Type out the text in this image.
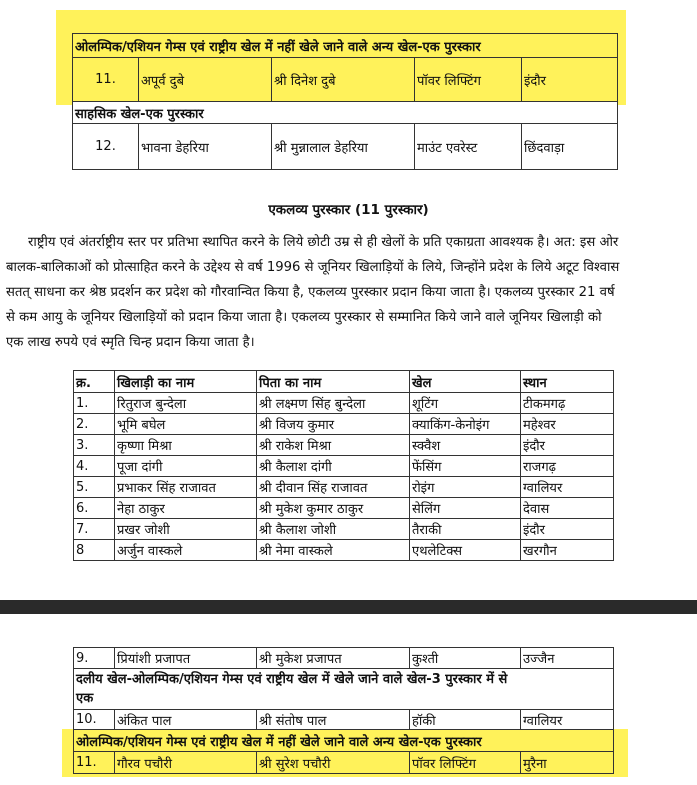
ओलम्पिक/एशियन गेम्स एवं राष्ट्रीय खेल में नहीं खेले जाने वाले अन्य खेल-एक पुरस्कार				
11.	अपूर्व दुबे	श्री दिनेश दुबे	पॉवर लिफ्टिंग	इंदौर
साहसिक खेल-एक पुरस्कार				
12.	भावना डेहरिया	श्री मुन्नालाल डेहरिया	माउंट एवरेस्ट	छिंदवाड़ा
एकलव्य पुरस्कार (11 पुरस्कार)
राष्ट्रीय एवं अंतर्राष्ट्रीय स्तर पर प्रतिभा स्थापित करने के लिये छोटी उम्र से ही खेलों के प्रति एकाग्रता आवश्यक है। अत: इस ओर
बालक-बालिकाओं को प्रोत्साहित करने के उद्देश्य से वर्ष 1996 से जूनियर खिलाड़ियों के लिये, जिन्होंने प्रदेश के लिये अटूट विश्वास
सतत् साधना कर श्रेष्ठ प्रदर्शन कर प्रदेश को गौरवान्वित किया है, एकलव्य पुरस्कार प्रदान किया जाता है। एकलव्य पुरस्कार 21 वर्ष
से कम आयु के जूनियर खिलाड़ियों को प्रदान किया जाता है। एकलव्य पुरस्कार से सम्मानित किये जाने वाले जूनियर खिलाड़ी को
एक लाख रुपये एवं स्मृति चिन्ह प्रदान किया जाता है।
क्र.	खिलाड़ी का नाम	पिता का नाम	खेल	स्थान
1.	रितुराज बुन्देला	श्री लक्ष्मण सिंह बुन्देला	शूटिंग	टीकमगढ़
2.	भूमि बघेल	श्री विजय कुमार	क्याकिंग-केनोइंग	महेश्वर
3.	कृष्णा मिश्रा	श्री राकेश मिश्रा	स्क्वैश	इंदौर
4.	पूजा दांगी	श्री कैलाश दांगी	फेंसिंग	राजगढ़
5.	प्रभाकर सिंह राजावत	श्री दीवान सिंह राजावत	रोइंग	ग्वालियर
6.	नेहा ठाकुर	श्री मुकेश कुमार ठाकुर	सेलिंग	देवास
7.	प्रखर जोशी	श्री कैलाश जोशी	तैराकी	इंदौर
8	अर्जुन वास्कले	श्री नेमा वास्कले	एथलेटिक्स	खरगौन
9.	प्रियांशी प्रजापत	श्री मुकेश प्रजापत	कुश्ती	उज्जैन
दलीय खेल-ओलम्पिक/एशियन गेम्स एवं राष्ट्रीय खेल में खेले जाने वाले खेल-3 पुरस्कार में से
एक				
10.	अंकित पाल	श्री संतोष पाल	हॉकी	ग्वालियर
ओलम्पिक/एशियन गेम्स एवं राष्ट्रीय खेल में नहीं खेले जाने वाले अन्य खेल-एक पुरस्कार				
11.	गौरव पचौरी	श्री सुरेश पचौरी	पॉवर लिफ्टिंग	मुरैना
